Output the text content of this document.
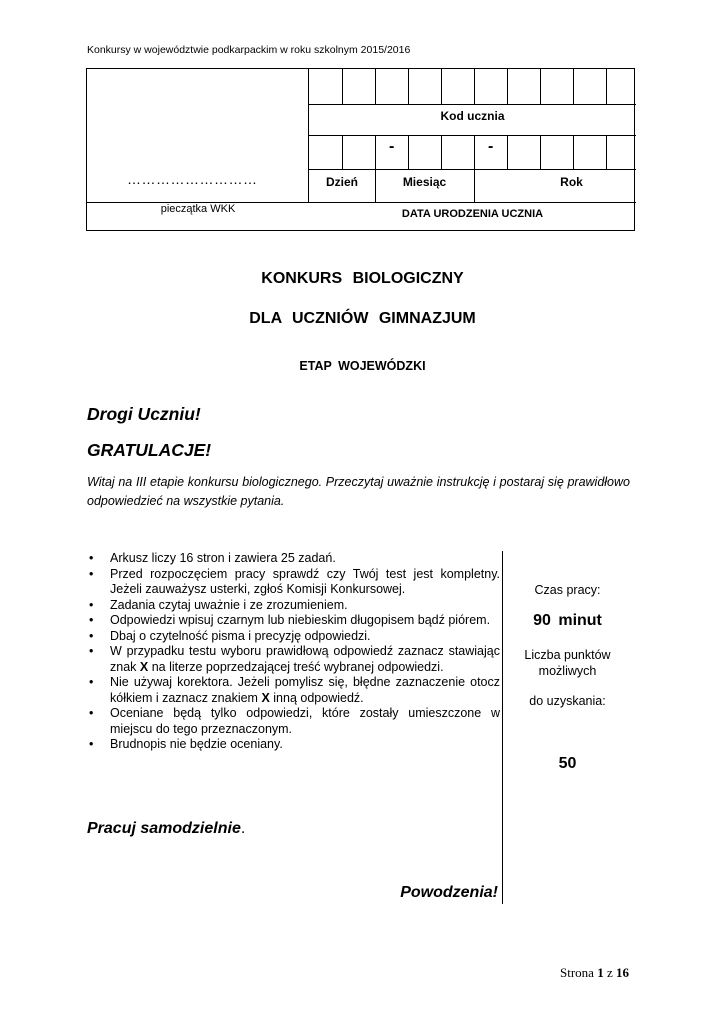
Konkursy w województwie podkarpackim w roku szkolnym 2015/2016
………………………
pieczątka WKK
Kod ucznia
-	-
Dzień	Miesiąc	Rok
DATA URODZENIA UCZNIA
KONKURS BIOLOGICZNY
DLA UCZNIÓW GIMNAZJUM
ETAP WOJEWÓDZKI
Drogi Uczniu!
GRATULACJE!
Witaj na III etapie konkursu biologicznego. Przeczytaj uważnie instrukcję i postaraj się prawidłowo odpowiedzieć na wszystkie pytania.
• Arkusz liczy 16 stron i zawiera 25 zadań.
• Przed rozpoczęciem pracy sprawdź czy Twój test jest kompletny. Jeżeli zauważysz usterki, zgłoś Komisji Konkursowej.
• Zadania czytaj uważnie i ze zrozumieniem.
• Odpowiedzi wpisuj czarnym lub niebieskim długopisem bądź piórem.
• Dbaj o czytelność pisma i precyzję odpowiedzi.
• W przypadku testu wyboru prawidłową odpowiedź zaznacz stawiając znak X na literze poprzedzającej treść wybranej odpowiedzi.
• Nie używaj korektora. Jeżeli pomylisz się, błędne zaznaczenie otocz kółkiem i zaznacz znakiem X inną odpowiedź.
• Oceniane będą tylko odpowiedzi, które zostały umieszczone w miejscu do tego przeznaczonym.
• Brudnopis nie będzie oceniany.
Czas pracy:
90 minut
Liczba punktów możliwych
do uzyskania:
50
Pracuj samodzielnie.
Powodzenia!
Strona 1 z 16
